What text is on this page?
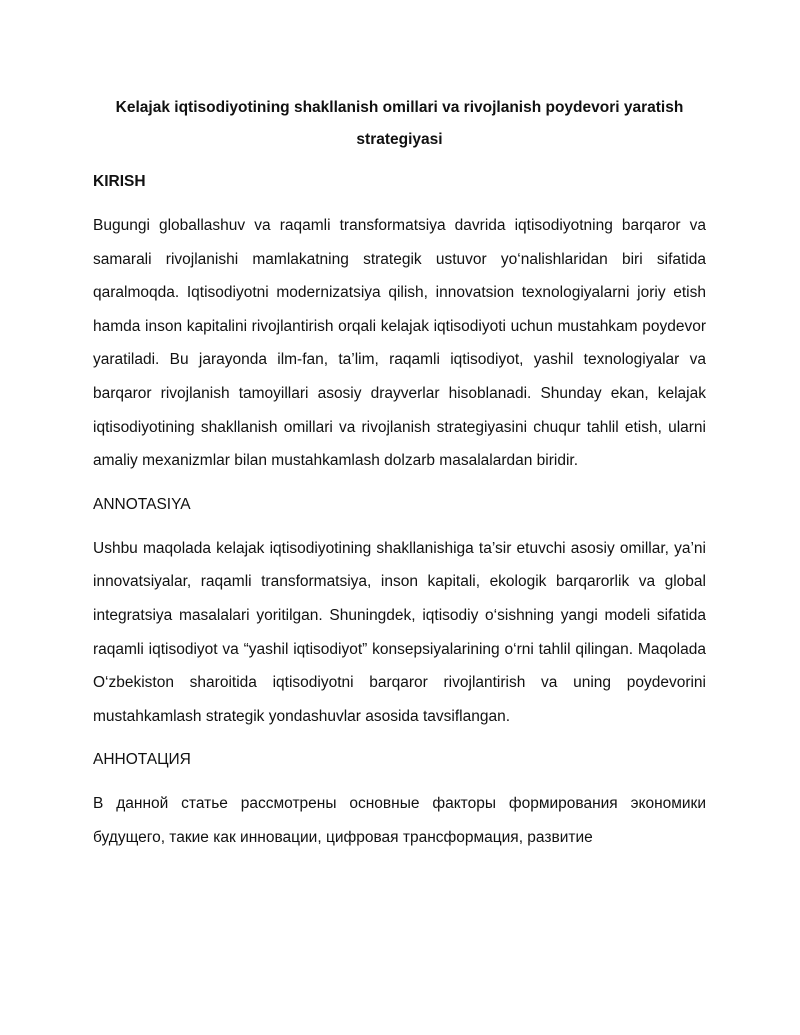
Kelajak iqtisodiyotining shakllanish omillari va rivojlanish poydevori yaratish strategiyasi
KIRISH
Bugungi globallashuv va raqamli transformatsiya davrida iqtisodiyotning barqaror va samarali rivojlanishi mamlakatning strategik ustuvor yo‘nalishlaridan biri sifatida qaralmoqda. Iqtisodiyotni modernizatsiya qilish, innovatsion texnologiyalarni joriy etish hamda inson kapitalini rivojlantirish orqali kelajak iqtisodiyoti uchun mustahkam poydevor yaratiladi. Bu jarayonda ilm-fan, ta’lim, raqamli iqtisodiyot, yashil texnologiyalar va barqaror rivojlanish tamoyillari asosiy drayverlar hisoblanadi. Shunday ekan, kelajak iqtisodiyotining shakllanish omillari va rivojlanish strategiyasini chuqur tahlil etish, ularni amaliy mexanizmlar bilan mustahkamlash dolzarb masalalardan biridir.
ANNOTASIYA
Ushbu maqolada kelajak iqtisodiyotining shakllanishiga ta’sir etuvchi asosiy omillar, ya’ni innovatsiyalar, raqamli transformatsiya, inson kapitali, ekologik barqarorlik va global integratsiya masalalari yoritilgan. Shuningdek, iqtisodiy o‘sishning yangi modeli sifatida raqamli iqtisodiyot va “yashil iqtisodiyot” konsepsiyalarining o‘rni tahlil qilingan. Maqolada O‘zbekiston sharoitida iqtisodiyotni barqaror rivojlantirish va uning poydevorini mustahkamlash strategik yondashuvlar asosida tavsiflangan.
АННОТАЦИЯ
В данной статье рассмотрены основные факторы формирования экономики будущего, такие как инновации, цифровая трансформация, развитие
